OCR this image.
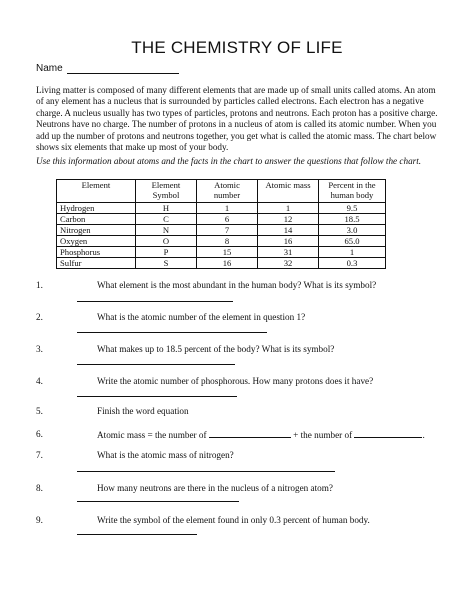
THE CHEMISTRY OF LIFE
Name
Living matter is composed of many different elements that are made up of small units called atoms. An atom of any element has a nucleus that is surrounded by particles called electrons. Each electron has a negative charge. A nucleus usually has two types of particles, protons and neutrons. Each proton has a positive charge. Neutrons have no charge. The number of protons in a nucleus of atom is called its atomic number. When you add up the number of protons and neutrons together, you get what is called the atomic mass. The chart below shows six elements that make up most of your body.
Use this information about atoms and the facts in the chart to answer the questions that follow the chart.
Element	Element Symbol	Atomic number	Atomic mass	Percent in the human body
Hydrogen	H	1	1	9.5
Carbon	C	6	12	18.5
Nitrogen	N	7	14	3.0
Oxygen	O	8	16	65.0
Phosphorus	P	15	31	1
Sulfur	S	16	32	0.3
1.	What element is the most abundant in the human body? What is its symbol?
2.	What is the atomic number of the element in question 1?
3.	What makes up to 18.5 percent of the body? What is its symbol?
4.	Write the atomic number of phosphorous. How many protons does it have?
5.	Finish the word equation
6.	Atomic mass = the number of	+ the number of	.
7.	What is the atomic mass of nitrogen?
8.	How many neutrons are there in the nucleus of a nitrogen atom?
9.	Write the symbol of the element found in only 0.3 percent of human body.
